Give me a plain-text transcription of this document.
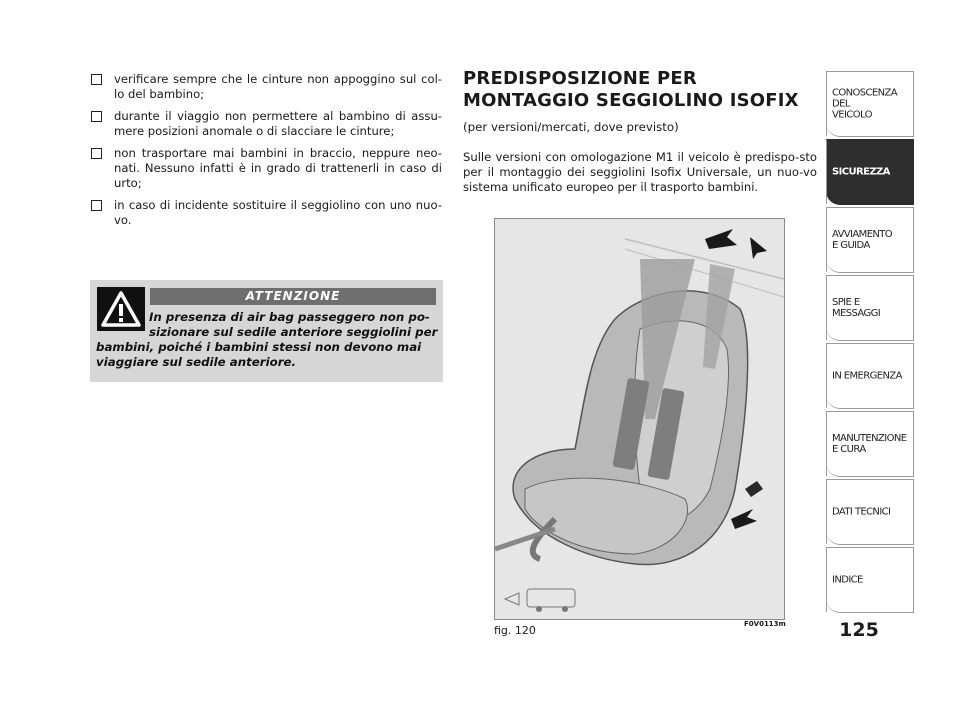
verificare sempre che le cinture non appoggino sul col-lo del bambino;
durante il viaggio non permettere al bambino di assu-mere posizioni anomale o di slacciare le cinture;
non trasportare mai bambini in braccio, neppure neo-nati. Nessuno infatti è in grado di trattenerli in caso di urto;
in caso di incidente sostituire il seggiolino con uno nuo-vo.
ATTENZIONE
In presenza di air bag passeggero non po- sizionare sul sedile anteriore seggiolini per
bambini, poiché i bambini stessi non devono mai viaggiare sul sedile anteriore.
PREDISPOSIZIONE PER
MONTAGGIO SEGGIOLINO ISOFIX
(per versioni/mercati, dove previsto)
Sulle versioni con omologazione M1 il veicolo è predispo-sto per il montaggio dei seggiolini Isofix Universale, un nuo-vo sistema unificato europeo per il trasporto bambini.
fig. 120	F0V0113m	125
CONOSCENZA
DEL
VEICOLO
SICUREZZA
AVVIAMENTO
E GUIDA
SPIE E
MESSAGGI
IN EMERGENZA
MANUTENZIONE
E CURA
DATI TECNICI
INDICE
